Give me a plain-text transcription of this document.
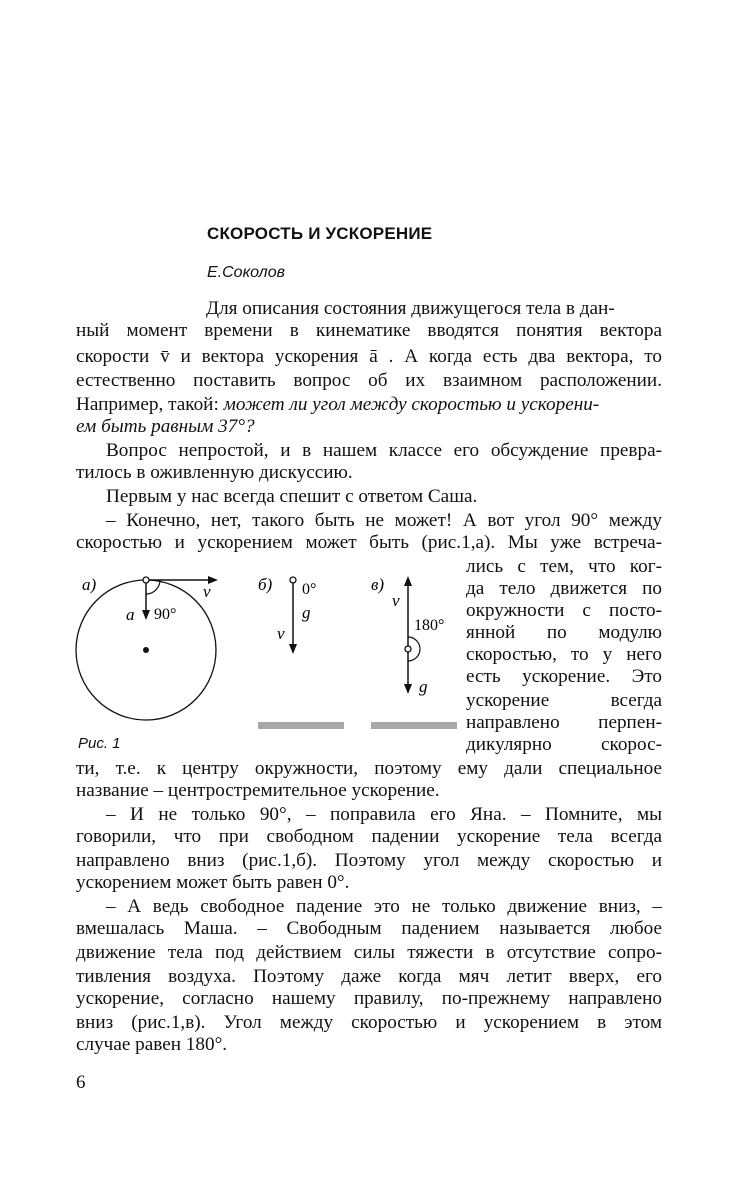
СКОРОСТЬ И УСКОРЕНИЕ
Е.Соколов
Для описания состояния движущегося тела в дан-
ный момент времени в кинематике вводятся понятия вектора
скорости v̄ и вектора ускорения ā . А когда есть два вектора, то
естественно поставить вопрос об их взаимном расположении.
Например, такой: может ли угол между скоростью и ускорени-
ем быть равным 37°?
Вопрос непростой, и в нашем классе его обсуждение превра-
тилось в оживленную дискуссию.
Первым у нас всегда спешит с ответом Саша.
– Конечно, нет, такого быть не может! А вот угол 90° между
скоростью и ускорением может быть (рис.1,а). Мы уже встреча-
лись с тем, что ког-
да тело движется по
окружности с посто-
янной по модулю
скоростью, то у него
есть ускорение. Это
ускорение всегда
направлено перпен-
дикулярно скорос-
ти, т.е. к центру окружности, поэтому ему дали специальное
название – центростремительное ускорение.
– И не только 90°, – поправила его Яна. – Помните, мы
говорили, что при свободном падении ускорение тела всегда
направлено вниз (рис.1,б). Поэтому угол между скоростью и
ускорением может быть равен 0°.
– А ведь свободное падение это не только движение вниз, –
вмешалась Маша. – Свободным падением называется любое
движение тела под действием силы тяжести в отсутствие сопро-
тивления воздуха. Поэтому даже когда мяч летит вверх, его
ускорение, согласно нашему правилу, по-прежнему направлено
вниз (рис.1,в). Угол между скоростью и ускорением в этом
случае равен 180°.
а)	v
a 90°
б) 0°
g
v
в)
v
180°
g
Рис. 1
6
